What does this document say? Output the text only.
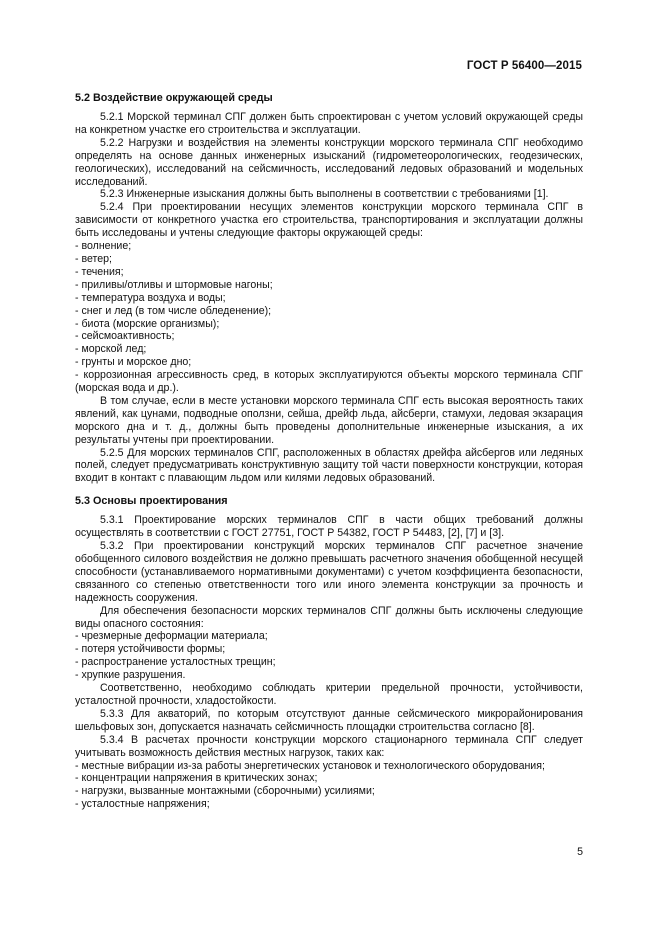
ГОСТ Р 56400—2015
5.2 Воздействие окружающей среды

5.2.1 Морской терминал СПГ должен быть спроектирован с учетом условий окружающей среды на конкретном участке его строительства и эксплуатации.

5.2.2 Нагрузки и воздействия на элементы конструкции морского терминала СПГ необходимо определять на основе данных инженерных изысканий (гидрометеорологических, геодезических, геологических), исследований на сейсмичность, исследований ледовых образований и модельных исследований.

5.2.3 Инженерные изыскания должны быть выполнены в соответствии с требованиями [1].

5.2.4 При проектировании несущих элементов конструкции морского терминала СПГ в зависимости от конкретного участка его строительства, транспортирования и эксплуатации должны быть исследованы и учтены следующие факторы окружающей среды:

- волнение;
- ветер;
- течения;
- приливы/отливы и штормовые нагоны;
- температура воздуха и воды;
- снег и лед (в том числе обледенение);
- биота (морские организмы);
- сейсмоактивность;
- морской лед;
- грунты и морское дно;
- коррозионная агрессивность сред, в которых эксплуатируются объекты морского терминала СПГ (морская вода и др.).

В том случае, если в месте установки морского терминала СПГ есть высокая вероятность таких явлений, как цунами, подводные оползни, сейша, дрейф льда, айсберги, стамухи, ледовая экзарация морского дна и т. д., должны быть проведены дополнительные инженерные изыскания, а их результаты учтены при проектировании.

5.2.5 Для морских терминалов СПГ, расположенных в областях дрейфа айсбергов или ледяных полей, следует предусматривать конструктивную защиту той части поверхности конструкции, которая входит в контакт с плавающим льдом или килями ледовых образований.

5.3 Основы проектирования

5.3.1 Проектирование морских терминалов СПГ в части общих требований должны осуществлять в соответствии с ГОСТ 27751, ГОСТ Р 54382, ГОСТ Р 54483, [2], [7] и [3].

5.3.2 При проектировании конструкций морских терминалов СПГ расчетное значение обобщенного силового воздействия не должно превышать расчетного значения обобщенной несущей способности (устанавливаемого нормативными документами) с учетом коэффициента безопасности, связанного со степенью ответственности того или иного элемента конструкции за прочность и надежность сооружения.

Для обеспечения безопасности морских терминалов СПГ должны быть исключены следующие виды опасного состояния:

- чрезмерные деформации материала;
- потеря устойчивости формы;
- распространение усталостных трещин;
- хрупкие разрушения.

Соответственно, необходимо соблюдать критерии предельной прочности, устойчивости, усталостной прочности, хладостойкости.

5.3.3 Для акваторий, по которым отсутствуют данные сейсмического микрорайонирования шельфовых зон, допускается назначать сейсмичность площадки строительства согласно [8].

5.3.4 В расчетах прочности конструкции морского стационарного терминала СПГ следует учитывать возможность действия местных нагрузок, таких как:

- местные вибрации из-за работы энергетических установок и технологического оборудования;
- концентрации напряжения в критических зонах;
- нагрузки, вызванные монтажными (сборочными) усилиями;
- усталостные напряжения;
5
